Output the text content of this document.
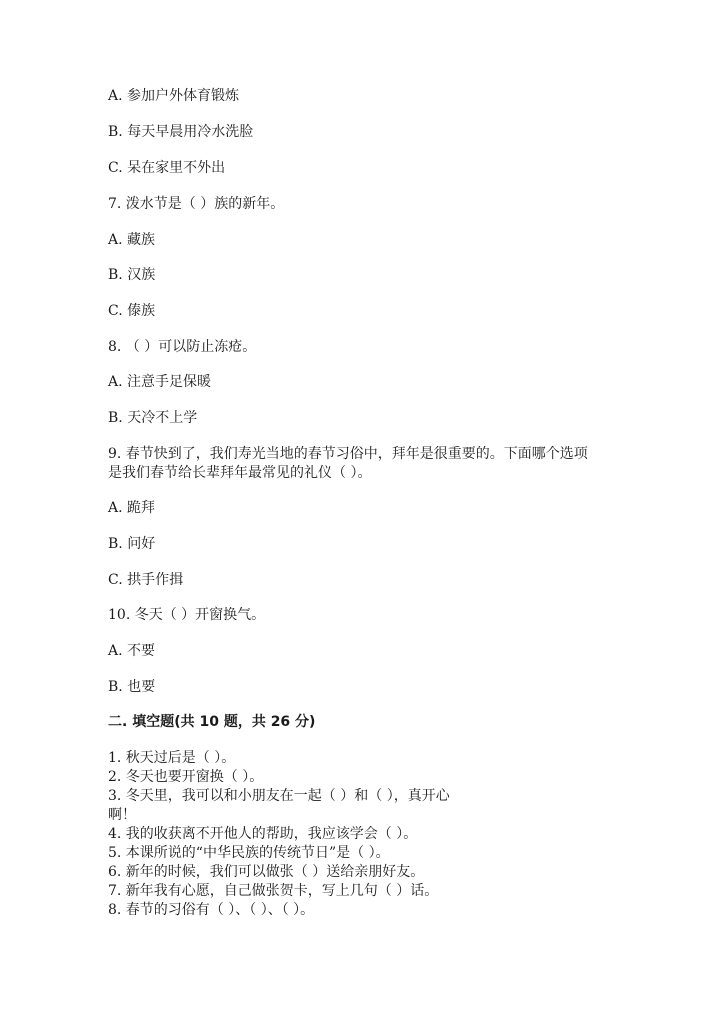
A. 参加户外体育锻炼
B. 每天早晨用冷水洗脸
C. 呆在家里不外出
7. 泼水节是（ ）族的新年。
A. 藏族
B. 汉族
C. 傣族
8. （ ）可以防止冻疮。
A. 注意手足保暖
B. 天冷不上学
9. 春节快到了，我们寿光当地的春节习俗中，拜年是很重要的。下面哪个选项
是我们春节给长辈拜年最常见的礼仪（ ）。
A. 跪拜
B. 问好
C. 拱手作揖
10. 冬天（ ）开窗换气。
A. 不要
B. 也要
二. 填空题(共 10 题，共 26 分)
1. 秋天过后是（ ）。
2. 冬天也要开窗换（ ）。
3. 冬天里，我可以和小朋友在一起（ ）和（ ），真开心
啊！
4. 我的收获离不开他人的帮助，我应该学会（ ）。
5. 本课所说的“中华民族的传统节日”是（ ）。
6. 新年的时候，我们可以做张（ ）送给亲朋好友。
7. 新年我有心愿，自己做张贺卡，写上几句（ ）话。
8. 春节的习俗有（ ）、（ ）、（ ）。
